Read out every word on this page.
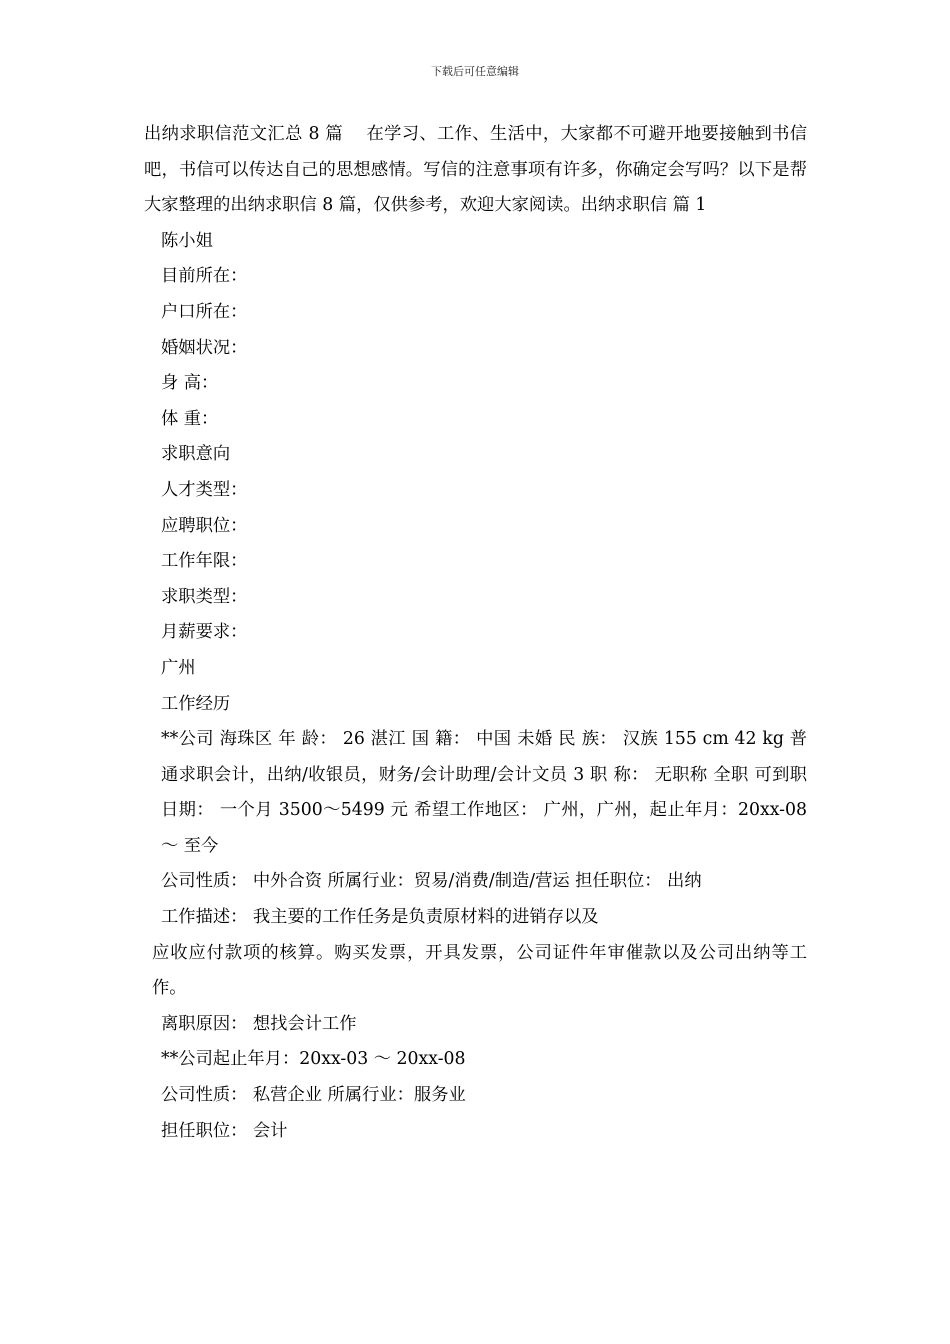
下载后可任意编辑

出纳求职信范文汇总 8 篇　 在学习、工作、生活中，大家都不可避开地要接触到书信吧，书信可以传达自己的思想感情。写信的注意事项有许多，你确定会写吗？以下是帮大家整理的出纳求职信 8 篇，仅供参考，欢迎大家阅读。出纳求职信 篇 1

陈小姐

目前所在：

户口所在：

婚姻状况：

身 高：

体 重：

求职意向

人才类型：

应聘职位：

工作年限：

求职类型：

月薪要求：

广州

工作经历

**公司 海珠区 年 龄： 26 湛江 国 籍： 中国 未婚 民 族： 汉族 155 cm 42 kg 普通求职会计，出纳/收银员，财务/会计助理/会计文员 3 职 称： 无职称 全职 可到职日期： 一个月 3500～5499 元 希望工作地区： 广州，广州，起止年月：20xx-08 ～ 至今

公司性质： 中外合资 所属行业：贸易/消费/制造/营运 担任职位： 出纳

工作描述： 我主要的工作任务是负责原材料的进销存以及

应收应付款项的核算。购买发票，开具发票，公司证件年审催款以及公司出纳等工作。

离职原因： 想找会计工作

**公司起止年月：20xx-03 ～ 20xx-08

公司性质： 私营企业 所属行业：服务业

担任职位： 会计
